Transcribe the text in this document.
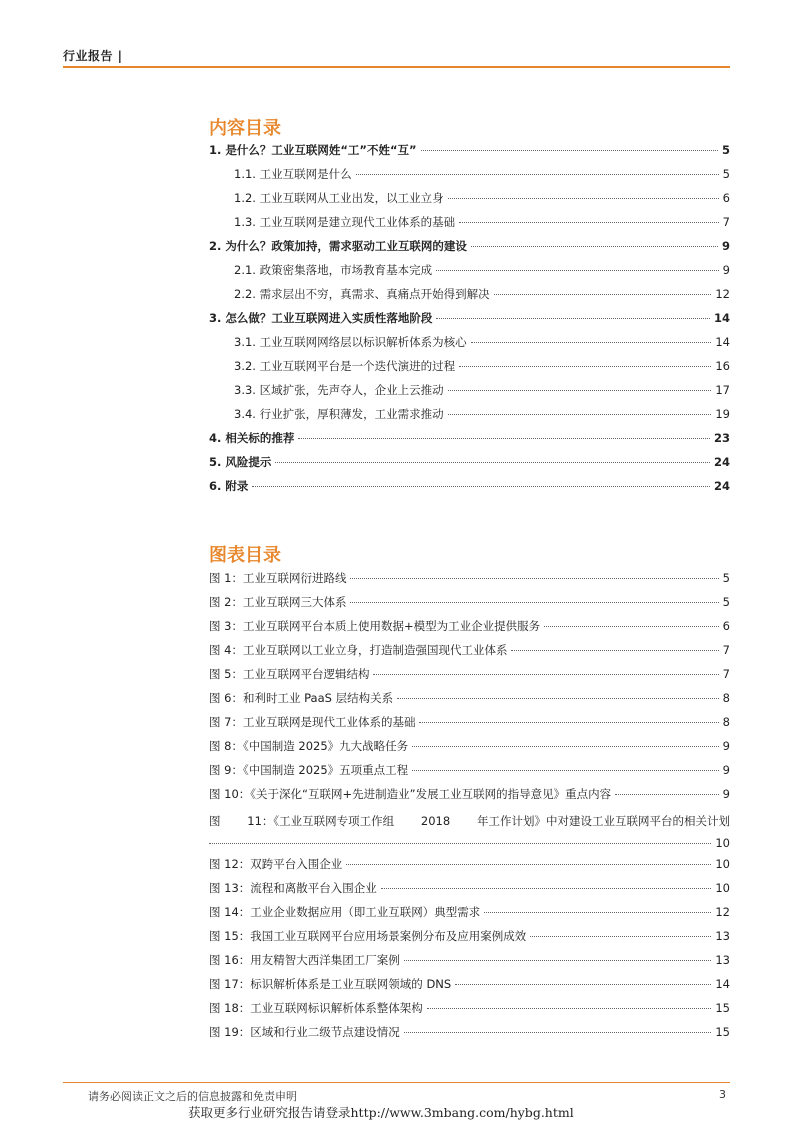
行业报告 |
内容目录
1. 是什么？工业互联网姓“工”不姓“互”	5
1.1. 工业互联网是什么	5
1.2. 工业互联网从工业出发，以工业立身	6
1.3. 工业互联网是建立现代工业体系的基础	7
2. 为什么？政策加持，需求驱动工业互联网的建设	9
2.1. 政策密集落地，市场教育基本完成	9
2.2. 需求层出不穷，真需求、真痛点开始得到解决	12
3. 怎么做？工业互联网进入实质性落地阶段	14
3.1. 工业互联网网络层以标识解析体系为核心	14
3.2. 工业互联网平台是一个迭代演进的过程	16
3.3. 区域扩张，先声夺人，企业上云推动	17
3.4. 行业扩张，厚积薄发，工业需求推动	19
4. 相关标的推荐	23
5. 风险提示	24
6. 附录	24
图表目录
图 1：工业互联网衍进路线	5
图 2：工业互联网三大体系	5
图 3：工业互联网平台本质上使用数据+模型为工业企业提供服务	6
图 4：工业互联网以工业立身，打造制造强国现代工业体系	7
图 5：工业互联网平台逻辑结构	7
图 6：和利时工业 PaaS 层结构关系	8
图 7：工业互联网是现代工业体系的基础	8
图 8：《中国制造 2025》九大战略任务	9
图 9：《中国制造 2025》五项重点工程	9
图 10：《关于深化“互联网+先进制造业”发展工业互联网的指导意见》重点内容	9
图 11：《工业互联网专项工作组 2018 年工作计划》中对建设工业互联网平台的相关计划
10
图 12：双跨平台入围企业	10
图 13：流程和离散平台入围企业	10
图 14：工业企业数据应用（即工业互联网）典型需求	12
图 15：我国工业互联网平台应用场景案例分布及应用案例成效	13
图 16：用友精智大西洋集团工厂案例	13
图 17：标识解析体系是工业互联网领域的 DNS	14
图 18：工业互联网标识解析体系整体架构	15
图 19：区域和行业二级节点建设情况	15
请务必阅读正文之后的信息披露和免责申明	3
获取更多行业研究报告请登录http://www.3mbang.com/hybg.html
